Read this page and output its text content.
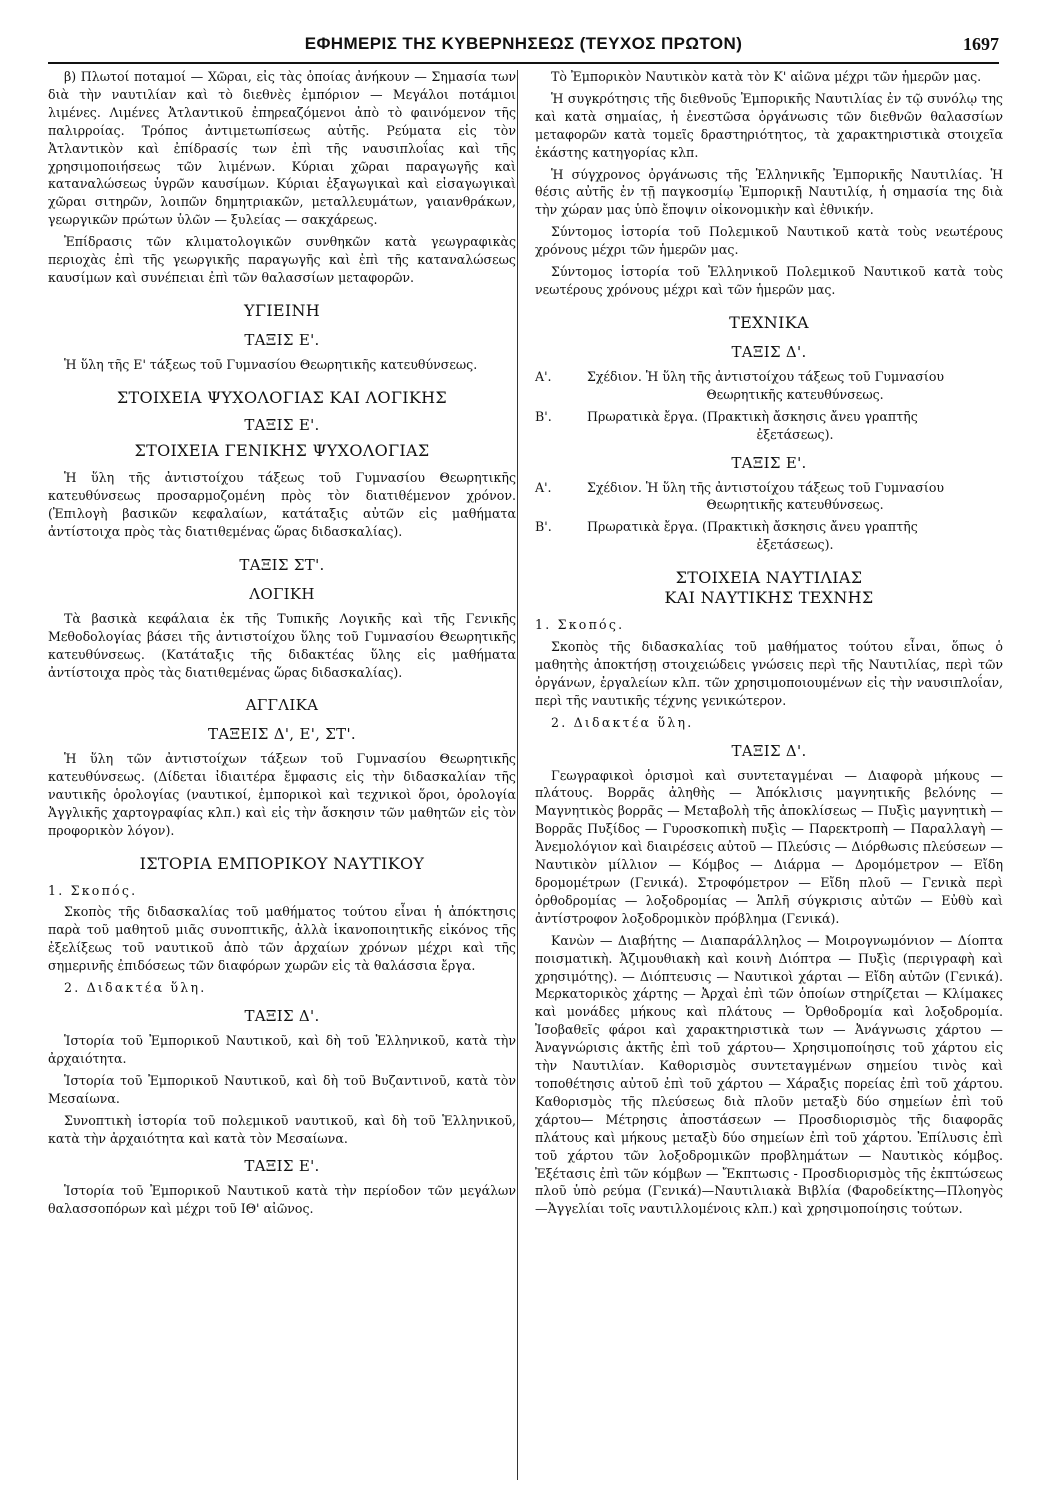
ΕΦΗΜΕΡΙΣ ΤΗΣ ΚΥΒΕΡΝΗΣΕΩΣ (ΤΕΥΧΟΣ ΠΡΩΤΟΝ)	1697

β) Πλωτοί ποταμοί — Χῶραι, εἰς τὰς ὁποίας ἀνήκουν — Σημασία των διὰ τὴν ναυτιλίαν καὶ τὸ διεθνὲς ἐμπόριον — Μεγάλοι ποτάμιοι λιμένες. Λιμένες Ἀτλαντικοῦ ἐπηρεαζόμενοι ἀπὸ τὸ φαινόμενον τῆς παλιρροίας. Τρόπος ἀντιμετωπίσεως αὐτῆς. Ρεύματα εἰς τὸν Ἀτλαντικὸν καὶ ἐπίδρασίς των ἐπὶ τῆς ναυσιπλοΐας καὶ τῆς χρησιμοποιήσεως τῶν λιμένων. Κύριαι χῶραι παραγωγῆς καὶ καταναλώσεως ὑγρῶν καυσίμων. Κύριαι ἐξαγωγικαὶ καὶ εἰσαγωγικαὶ χῶραι σιτηρῶν, λοιπῶν δημητριακῶν, μεταλλευμάτων, γαιανθράκων, γεωργικῶν πρώτων ὑλῶν — ξυλείας — σακχάρεως.

Ἐπίδρασις τῶν κλιματολογικῶν συνθηκῶν κατὰ γεωγραφικὰς περιοχὰς ἐπὶ τῆς γεωργικῆς παραγωγῆς καὶ ἐπὶ τῆς καταναλώσεως καυσίμων καὶ συνέπειαι ἐπὶ τῶν θαλασσίων μεταφορῶν.

ΥΓΙΕΙΝΗ
ΤΑΞΙΣ Ε'.

Ἡ ὕλη τῆς Ε' τάξεως τοῦ Γυμνασίου Θεωρητικῆς κατευθύνσεως.

ΣΤΟΙΧΕΙΑ ΨΥΧΟΛΟΓΙΑΣ ΚΑΙ ΛΟΓΙΚΗΣ
ΤΑΞΙΣ Ε'.
ΣΤΟΙΧΕΙΑ ΓΕΝΙΚΗΣ ΨΥΧΟΛΟΓΙΑΣ

Ἡ ὕλη τῆς ἀντιστοίχου τάξεως τοῦ Γυμνασίου Θεωρητικῆς κατευθύνσεως προσαρμοζομένη πρὸς τὸν διατιθέμενον χρόνον. (Ἐπιλογὴ βασικῶν κεφαλαίων, κατάταξις αὐτῶν εἰς μαθήματα ἀντίστοιχα πρὸς τὰς διατιθεμένας ὥρας διδασκαλίας).

ΤΑΞΙΣ ΣΤ'.
ΛΟΓΙΚΗ

Τὰ βασικὰ κεφάλαια ἐκ τῆς Τυπικῆς Λογικῆς καὶ τῆς Γενικῆς Μεθοδολογίας βάσει τῆς ἀντιστοίχου ὕλης τοῦ Γυμνασίου Θεωρητικῆς κατευθύνσεως. (Κατάταξις τῆς διδακτέας ὕλης εἰς μαθήματα ἀντίστοιχα πρὸς τὰς διατιθεμένας ὥρας διδασκαλίας).

ΑΓΓΛΙΚΑ
ΤΑΞΕΙΣ Δ', Ε', ΣΤ'.

Ἡ ὕλη τῶν ἀντιστοίχων τάξεων τοῦ Γυμνασίου Θεωρητικῆς κατευθύνσεως. (Δίδεται ἰδιαιτέρα ἔμφασις εἰς τὴν διδασκαλίαν τῆς ναυτικῆς ὁρολογίας (ναυτικοί, ἐμπορικοὶ καὶ τεχνικοὶ ὅροι, ὁρολογία Ἀγγλικῆς χαρτογραφίας κλπ.) καὶ εἰς τὴν ἄσκησιν τῶν μαθητῶν εἰς τὸν προφορικὸν λόγον).

ΙΣΤΟΡΙΑ ΕΜΠΟΡΙΚΟΥ ΝΑΥΤΙΚΟΥ

1. Σκοπός.

Σκοπὸς τῆς διδασκαλίας τοῦ μαθήματος τούτου εἶναι ἡ ἀπόκτησις παρὰ τοῦ μαθητοῦ μιᾶς συνοπτικῆς, ἀλλὰ ἱκανοποιητικῆς εἰκόνος τῆς ἐξελίξεως τοῦ ναυτικοῦ ἀπὸ τῶν ἀρχαίων χρόνων μέχρι καὶ τῆς σημερινῆς ἐπιδόσεως τῶν διαφόρων χωρῶν εἰς τὰ θαλάσσια ἔργα.

2. Διδακτέα ὕλη.

ΤΑΞΙΣ Δ'.

Ἱστορία τοῦ Ἐμπορικοῦ Ναυτικοῦ, καὶ δὴ τοῦ Ἑλληνικοῦ, κατὰ τὴν ἀρχαιότητα.

Ἱστορία τοῦ Ἐμπορικοῦ Ναυτικοῦ, καὶ δὴ τοῦ Βυζαντινοῦ, κατὰ τὸν Μεσαίωνα.

Συνοπτικὴ ἱστορία τοῦ πολεμικοῦ ναυτικοῦ, καὶ δὴ τοῦ Ἑλληνικοῦ, κατὰ τὴν ἀρχαιότητα καὶ κατὰ τὸν Μεσαίωνα.

ΤΑΞΙΣ Ε'.

Ἱστορία τοῦ Ἐμπορικοῦ Ναυτικοῦ κατὰ τὴν περίοδον τῶν μεγάλων θαλασσοπόρων καὶ μέχρι τοῦ ΙΘ' αἰῶνος.

Τὸ Ἐμπορικὸν Ναυτικὸν κατὰ τὸν Κ' αἰῶνα μέχρι τῶν ἡμερῶν μας.

Ἡ συγκρότησις τῆς διεθνοῦς Ἐμπορικῆς Ναυτιλίας ἐν τῷ συνόλῳ της καὶ κατὰ σημαίας, ἡ ἐνεστῶσα ὀργάνωσις τῶν διεθνῶν θαλασσίων μεταφορῶν κατὰ τομεῖς δραστηριότητος, τὰ χαρακτηριστικὰ στοιχεῖα ἑκάστης κατηγορίας κλπ.

Ἡ σύγχρονος ὀργάνωσις τῆς Ἑλληνικῆς Ἐμπορικῆς Ναυτιλίας. Ἡ θέσις αὐτῆς ἐν τῇ παγκοσμίῳ Ἐμπορικῇ Ναυτιλίᾳ, ἡ σημασία της διὰ τὴν χώραν μας ὑπὸ ἔποψιν οἰκονομικὴν καὶ ἐθνικήν.

Σύντομος ἱστορία τοῦ Πολεμικοῦ Ναυτικοῦ κατὰ τοὺς νεωτέρους χρόνους μέχρι τῶν ἡμερῶν μας.

Σύντομος ἱστορία τοῦ Ἑλληνικοῦ Πολεμικοῦ Ναυτικοῦ κατὰ τοὺς νεωτέρους χρόνους μέχρι καὶ τῶν ἡμερῶν μας.

ΤΕΧΝΙΚΑ
ΤΑΞΙΣ Δ'.
Α'.	Σχέδιον. Ἡ ὕλη τῆς ἀντιστοίχου τάξεως τοῦ Γυμνασίου
Θεωρητικῆς κατευθύνσεως.
Β'.	Πρωρατικὰ ἔργα. (Πρακτικὴ ἄσκησις ἄνευ γραπτῆς
ἐξετάσεως).
ΤΑΞΙΣ Ε'.
Α'.	Σχέδιον. Ἡ ὕλη τῆς ἀντιστοίχου τάξεως τοῦ Γυμνασίου
Θεωρητικῆς κατευθύνσεως.
Β'.	Πρωρατικὰ ἔργα. (Πρακτικὴ ἄσκησις ἄνευ γραπτῆς
ἐξετάσεως).
ΣΤΟΙΧΕΙΑ ΝΑΥΤΙΛΙΑΣ
ΚΑΙ ΝΑΥΤΙΚΗΣ ΤΕΧΝΗΣ

1. Σκοπός.

Σκοπὸς τῆς διδασκαλίας τοῦ μαθήματος τούτου εἶναι, ὅπως ὁ μαθητὴς ἀποκτήσῃ στοιχειώδεις γνώσεις περὶ τῆς Ναυτιλίας, περὶ τῶν ὀργάνων, ἐργαλείων κλπ. τῶν χρησιμοποιουμένων εἰς τὴν ναυσιπλοΐαν, περὶ τῆς ναυτικῆς τέχνης γενικώτερον.

2. Διδακτέα ὕλη.

ΤΑΞΙΣ Δ'.

Γεωγραφικοὶ ὁρισμοὶ καὶ συντεταγμέναι — Διαφορὰ μήκους — πλάτους. Βορρᾶς ἀληθὴς — Ἀπόκλισις μαγνητικῆς βελόνης — Μαγνητικὸς βορρᾶς — Μεταβολὴ τῆς ἀποκλίσεως — Πυξὶς μαγνητικὴ — Βορρᾶς Πυξίδος — Γυροσκοπικὴ πυξὶς — Παρεκτροπὴ — Παραλλαγὴ — Ἀνεμολόγιον καὶ διαιρέσεις αὐτοῦ — Πλεύσις — Διόρθωσις πλεύσεων — Ναυτικὸν μίλλιον — Κόμβος — Διάρμα — Δρομόμετρον — Εἴδη δρομομέτρων (Γενικά). Στροφόμετρον — Εἴδη πλοῦ — Γενικὰ περὶ ὀρθοδρομίας — λοξοδρομίας — Ἁπλῆ σύγκρισις αὐτῶν — Εὐθὺ καὶ ἀντίστροφον λοξοδρομικὸν πρόβλημα (Γενικά).

Κανὼν — Διαβήτης — Διαπαράλληλος — Μοιρογνωμόνιον — Δίοπτα ποισματικὴ. Ἀζιμουθιακὴ καὶ κοινὴ Διόπτρα — Πυξὶς (περιγραφὴ καὶ χρησιμότης). — Διόπτευσις — Ναυτικοὶ χάρται — Εἴδη αὐτῶν (Γενικά). Μερκατορικὸς χάρτης — Ἀρχαὶ ἐπὶ τῶν ὁποίων στηρίζεται — Κλίμακες καὶ μονάδες μήκους καὶ πλάτους — Ὀρθοδρομία καὶ λοξοδρομία. Ἰσοβαθεῖς φάροι καὶ χαρακτηριστικὰ των — Ἀνάγνωσις χάρτου — Ἀναγνώρισις ἀκτῆς ἐπὶ τοῦ χάρτου— Χρησιμοποίησις τοῦ χάρτου εἰς τὴν Ναυτιλίαν. Καθορισμὸς συντεταγμένων σημείου τινὸς καὶ τοποθέτησις αὐτοῦ ἐπὶ τοῦ χάρτου — Χάραξις πορείας ἐπὶ τοῦ χάρτου. Καθορισμὸς τῆς πλεύσεως διὰ πλοῦν μεταξὺ δύο σημείων ἐπὶ τοῦ χάρτου— Μέτρησις ἀποστάσεων — Προσδιορισμὸς τῆς διαφορᾶς πλάτους καὶ μήκους μεταξὺ δύο σημείων ἐπὶ τοῦ χάρτου. Ἐπίλυσις ἐπὶ τοῦ χάρτου τῶν λοξοδρομικῶν προβλημάτων — Ναυτικὸς κόμβος. Ἐξέτασις ἐπὶ τῶν κόμβων — Ἔκπτωσις - Προσδιορισμὸς τῆς ἐκπτώσεως πλοῦ ὑπὸ ρεύμα (Γενικά)—Ναυτιλιακὰ Βιβλία (Φαροδείκτης—Πλοηγὸς—Ἀγγελίαι τοῖς ναυτιλλομένοις κλπ.) καὶ χρησιμοποίησις τούτων.
